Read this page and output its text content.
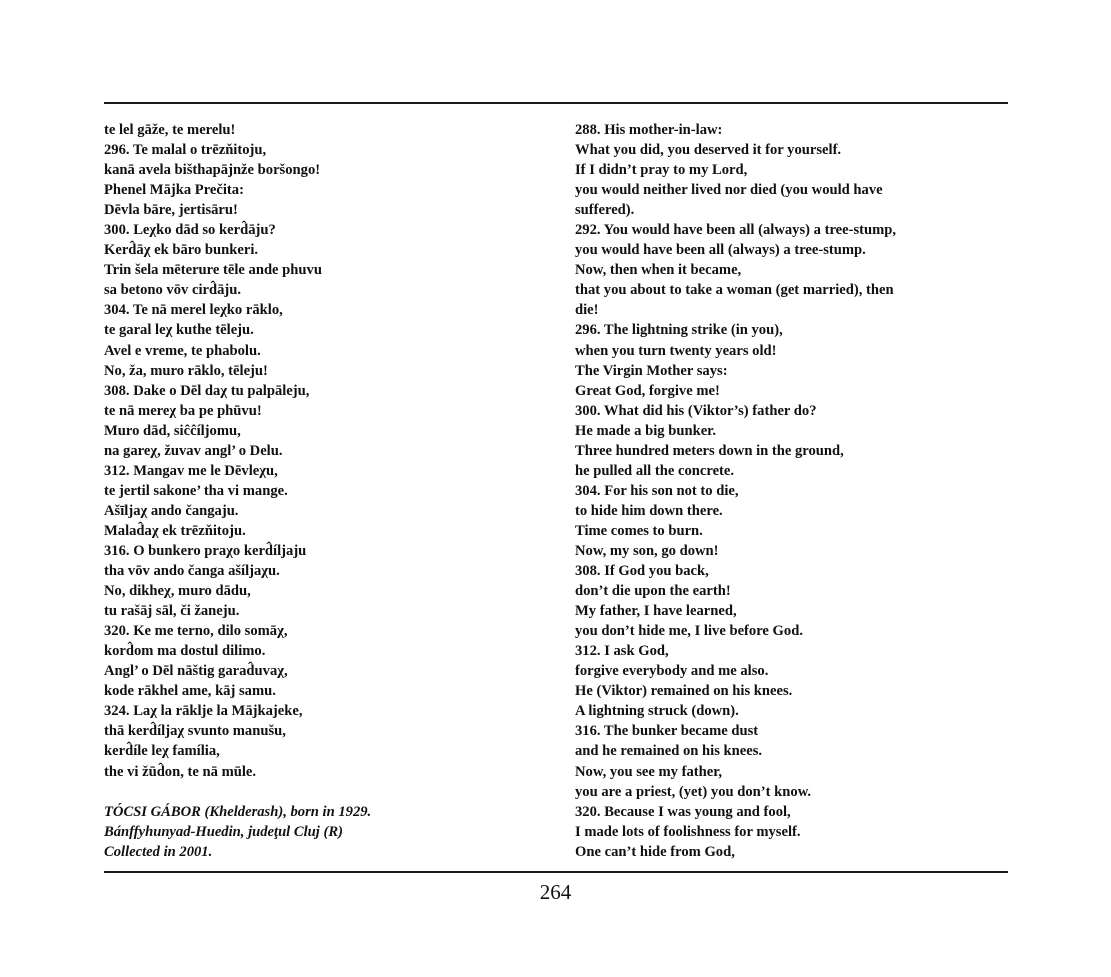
te lel gāže, te merelu!
296. Te malal o trēzňitoju,
kanā avela bišthapājnže boršongo!
Phenel Mājka Prečita:
Dēvla bāre, jertisāru!
300. Leχko dād so kerd̂āju?
Kerd̂āχ ek bāro bunkeri.
Trin šela mēterure tēle ande phuvu
sa betono vōv cird̂āju.
304. Te nā merel leχko rāklo,
te garal leχ kuthe tēleju.
Avel e vreme, te phabolu.
No, ža, muro rāklo, tēleju!
308. Dake o Dēl daχ tu palpāleju,
te nā mereχ ba pe phūvu!
Muro dād, siĉĉíljomu,
na gareχ, žuvav angl’ o Delu.
312. Mangav me le Dēvleχu,
te jertil sakone’ tha vi mange.
Ašīljaχ ando čangaju.
Malad̂aχ ek trēzňitoju.
316. O bunkero praχo kerd̂íljaju
tha vōv ando čanga ašíljaχu.
No, dikheχ, muro dādu,
tu rašāj sāl, či žaneju.
320. Ke me terno, dilo somāχ,
kord̂om ma dostul dilimo.
Angl’ o Dēl nāštig garad̂uvaχ,
kode rākhel ame, kāj samu.
324. Laχ la rāklje la Mājkajeke,
thā kerd̂íljaχ svunto manušu,
kerd̂íle leχ família,
the vi žūd̂on, te nā mūle.
TÓCSI GÁBOR (Khelderash), born in 1929.
Bánffyhunyad-Huedin, judeţul Cluj (R)
Collected in 2001.
288. His mother-in-law:
What you did, you deserved it for yourself.
If I didn’t pray to my Lord,
you would neither lived nor died (you would have
suffered).
292. You would have been all (always) a tree-stump,
you would have been all (always) a tree-stump.
Now, then when it became,
that you about to take a woman (get married), then
die!
296. The lightning strike (in you),
when you turn twenty years old!
The Virgin Mother says:
Great God, forgive me!
300. What did his (Viktor’s) father do?
He made a big bunker.
Three hundred meters down in the ground,
he pulled all the concrete.
304. For his son not to die,
to hide him down there.
Time comes to burn.
Now, my son, go down!
308. If God you back,
don’t die upon the earth!
My father, I have learned,
you don’t hide me, I live before God.
312. I ask God,
forgive everybody and me also.
He (Viktor) remained on his knees.
A lightning struck (down).
316. The bunker became dust
and he remained on his knees.
Now, you see my father,
you are a priest, (yet) you don’t know.
320. Because I was young and fool,
I made lots of foolishness for myself.
One can’t hide from God,
264
